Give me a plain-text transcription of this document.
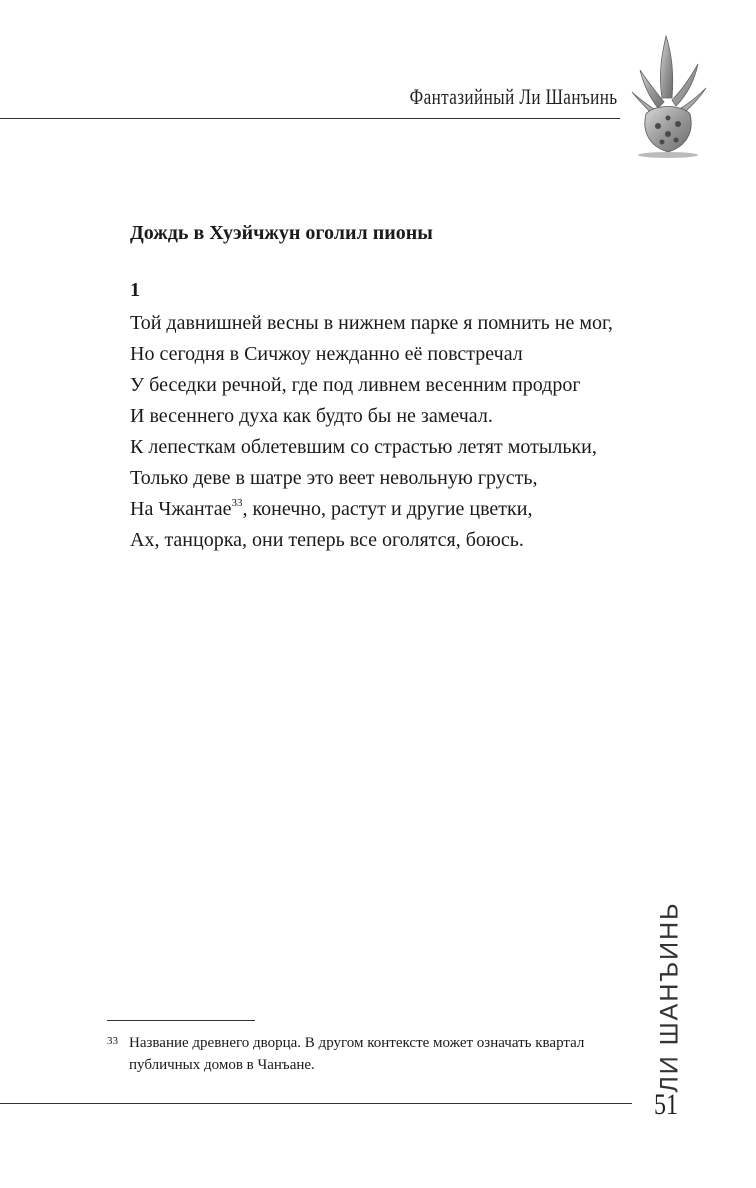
Фантазийный Ли Шанъинь
Дождь в Хуэйчжун оголил пионы
1
Той давнишней весны в нижнем парке я помнить не мог,
Но сегодня в Сичжоу нежданно её повстречал
У беседки речной, где под ливнем весенним продрог
И весеннего духа как будто бы не замечал.
К лепесткам облетевшим со страстью летят мотыльки,
Только деве в шатре это веет невольную грусть,
На Чжантае$^{33}$, конечно, растут и другие цветки,
Ах, танцорка, они теперь все оголятся, боюсь.
33 Название древнего дворца. В другом контексте может означать квартал публичных домов в Чанъане.	ЛИ ШАНЪИНЬ
51
